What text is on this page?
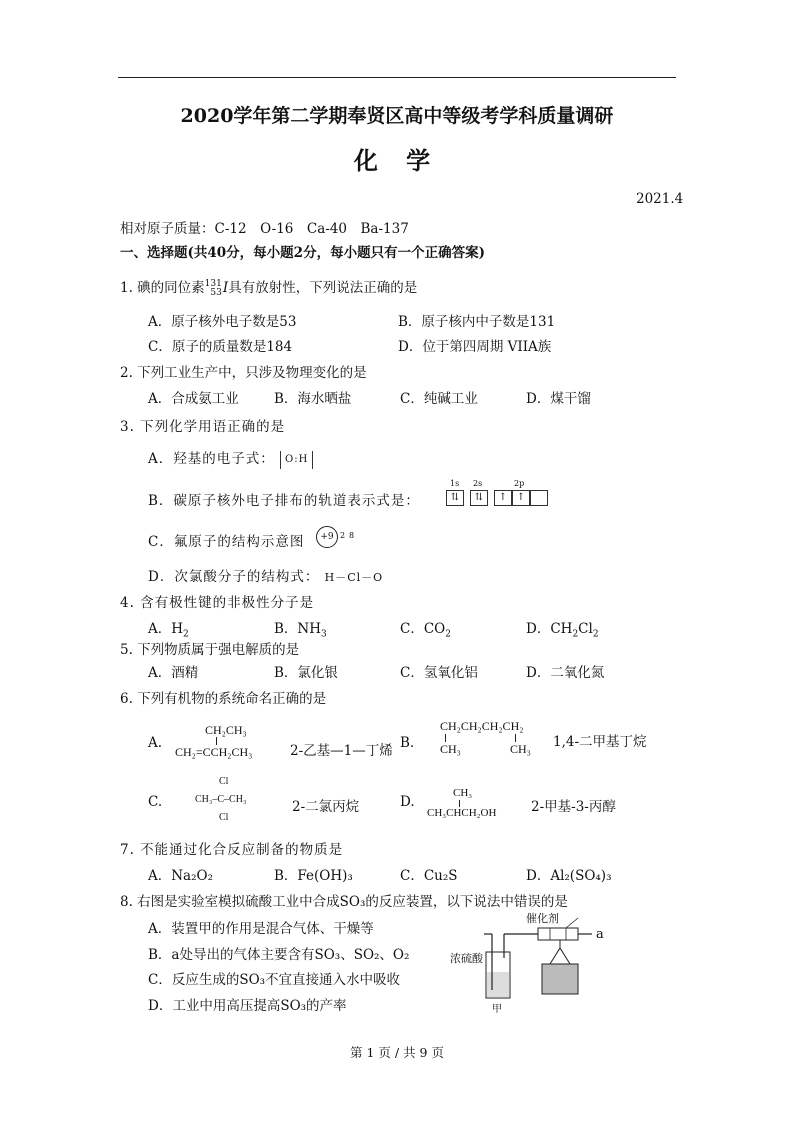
2020学年第二学期奉贤区高中等级考学科质量调研
化 学
2021.4
相对原子质量：C-12　O-16　Ca-40　Ba-137
一、选择题(共40分，每小题2分，每小题只有一个正确答案)
1. 碘的同位素131
53I具有放射性，下列说法正确的是
A．原子核外电子数是53	B．原子核内中子数是131
C．原子的质量数是184	D．位于第四周期 VIIA族
2. 下列工业生产中，只涉及物理变化的是
A．合成氨工业	B．海水晒盐	C．纯碱工业	D．煤干馏
3. 下列化学用语正确的是
A．羟基的电子式： O:H
B．碳原子核外电子排布的轨道表示式是：
1s 2s	2p
⇅	⇅	↑ ↑
C．氟原子的结构示意图	+9 2 8
D．次氯酸分子的结构式： H－Cl－O
4. 含有极性键的非极性分子是
A．$H_2$	B．$NH_3$	C．$CO_2$	D．$CH_2Cl_2$
5. 下列物质属于强电解质的是
A．酒精	B．氯化银	C．氢氧化铝	D．二氧化氮
6. 下列有机物的系统命名正确的是
A.
CH₂CH₃
CH₂=CCH₂CH₃	2-乙基—1—丁烯 B.
CH₂CH₂CH₂CH₂
CH₃	CH₃ 1,4-二甲基丁烷
C.
Cl
CH₃–C–CH₃
Cl
2-二氯丙烷	D.
CH₃
CH₃CHCH₂OH	2-甲基-3-丙醇
7. 不能通过化合反应制备的物质是
A．Na₂O₂	B．Fe(OH)₃	C．Cu₂S	D．Al₂(SO₄)₃
8. 右图是实验室模拟硫酸工业中合成SO₃的反应装置，以下说法中错误的是
A．装置甲的作用是混合气体、干燥等
B．a处导出的气体主要含有SO₃、SO₂、O₂
C．反应生成的SO₃不宜直接通入水中吸收
D．工业中用高压提高SO₃的产率
催化剂
浓硫酸
a
甲
第 1 页 / 共 9 页
